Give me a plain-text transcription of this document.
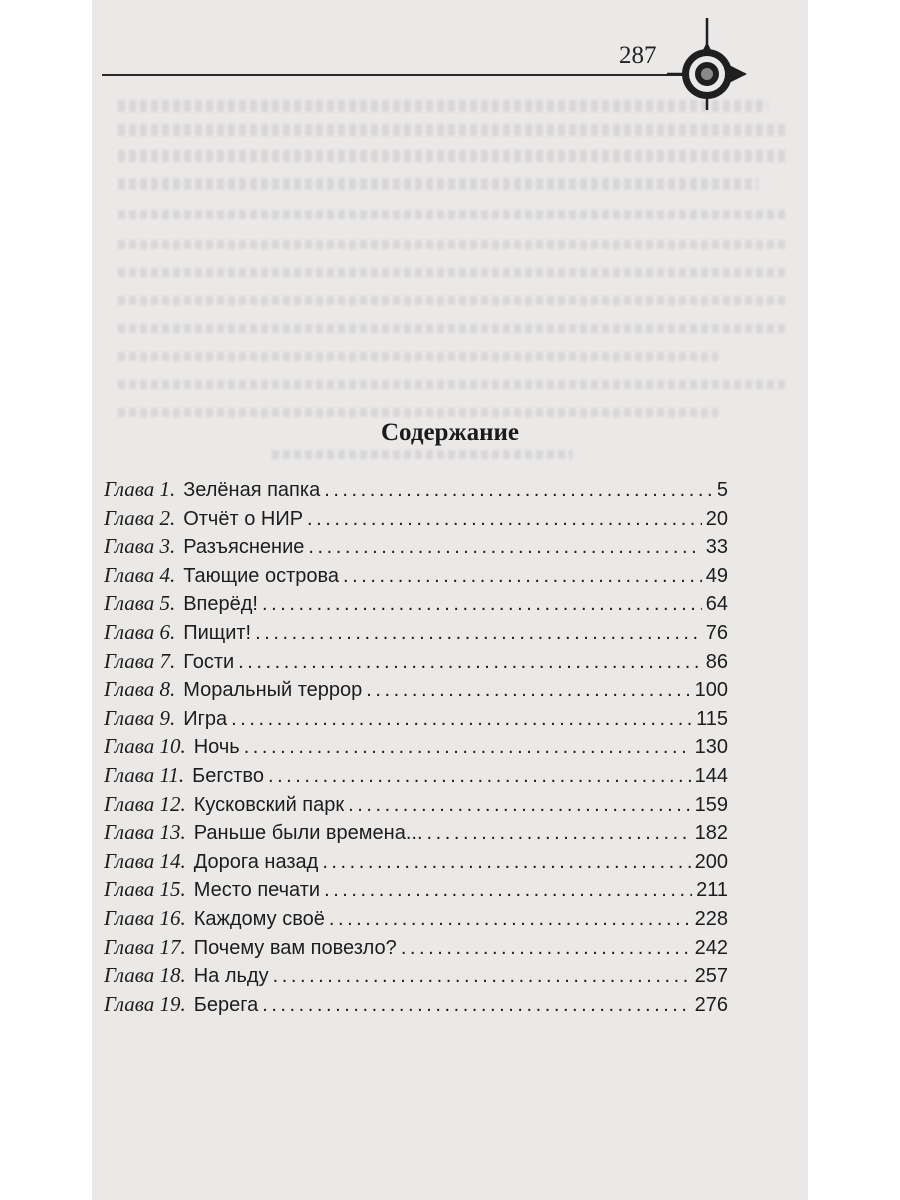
287
Содержание
Глава 1. Зелёная папка . . .	5
Глава 2. Отчёт о НИР . . .	20
Глава 3. Разъяснение . . .	33
Глава 4. Тающие острова . . .	49
Глава 5. Вперёд! . . .	64
Глава 6. Пищит! . . .	76
Глава 7. Гости . . .	86
Глава 8. Моральный террор . . .	100
Глава 9. Игра . . .	115
Глава 10. Ночь . . .	130
Глава 11. Бегство . . .	144
Глава 12. Кусковский парк . . .	159
Глава 13. Раньше были времена... . . .	182
Глава 14. Дорога назад . . .	200
Глава 15. Место печати . . .	211
Глава 16. Каждому своё . . .	228
Глава 17. Почему вам повезло? . . .	242
Глава 18. На льду . . .	257
Глава 19. Берега . . .	276
